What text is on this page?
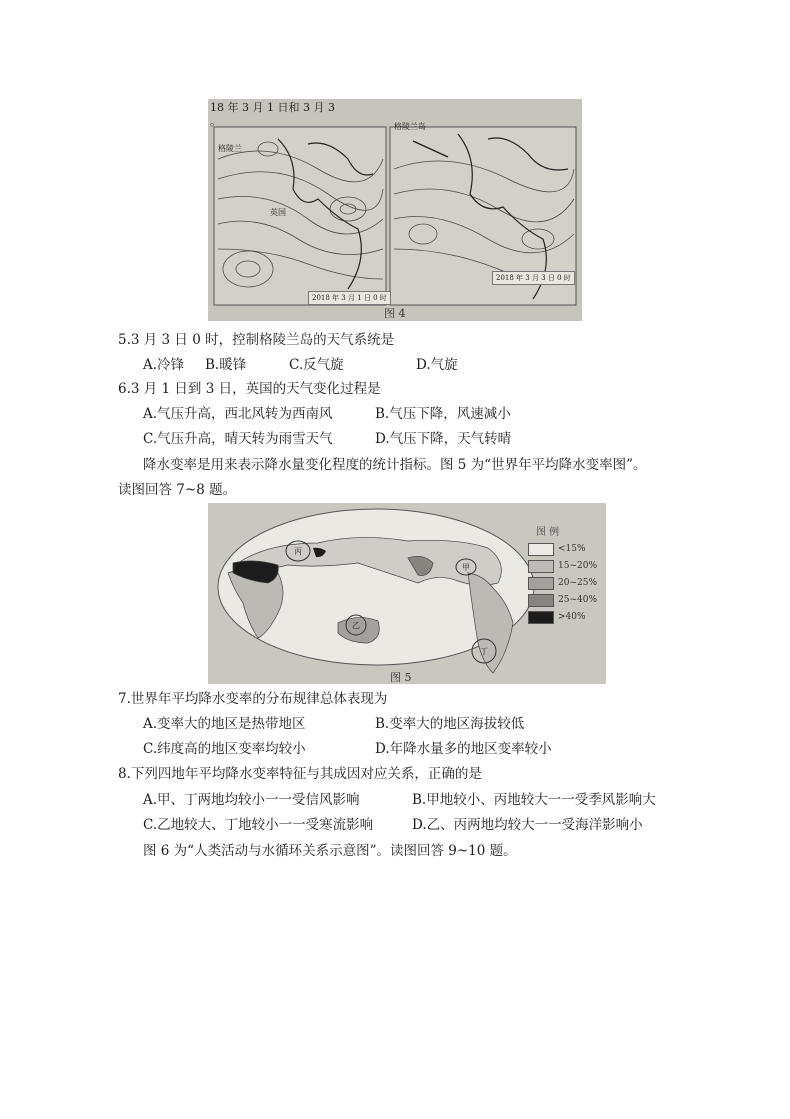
18 年 3 月 1 日和 3 月 3
。
格陵兰
英国
格陵兰岛
2018 年 3 月 1 日 0 时
2018 年 3 月 3 日 0 时
图 4
5.3 月 3 日 0 时，控制格陵兰岛的天气系统是
A.冷锋 B.暖锋	C.反气旋	D.气旋
6.3 月 1 日到 3 日，英国的天气变化过程是
A.气压升高，西北风转为西南风	B.气压下降，风速减小
C.气压升高，晴天转为雨雪天气	D.气压下降，天气转晴
降水变率是用来表示降水量变化程度的统计指标。图 5 为“世界年平均降水变率图”。
读图回答 7~8 题。
丙
乙
甲
丁
图 例
<15%
15~20%
20~25%
25~40%
>40%
图 5
7.世界年平均降水变率的分布规律总体表现为
A.变率大的地区是热带地区	B.变率大的地区海拔较低
C.纬度高的地区变率均较小	D.年降水量多的地区变率较小
8.下列四地年平均降水变率特征与其成因对应关系，正确的是
A.甲、丁两地均较小一一受信风影响	B.甲地较小、丙地较大一一受季风影响大
C.乙地较大、丁地较小一一受寒流影响	D.乙、丙两地均较大一一受海洋影响小
图 6 为“人类活动与水循环关系示意图”。读图回答 9~10 题。
